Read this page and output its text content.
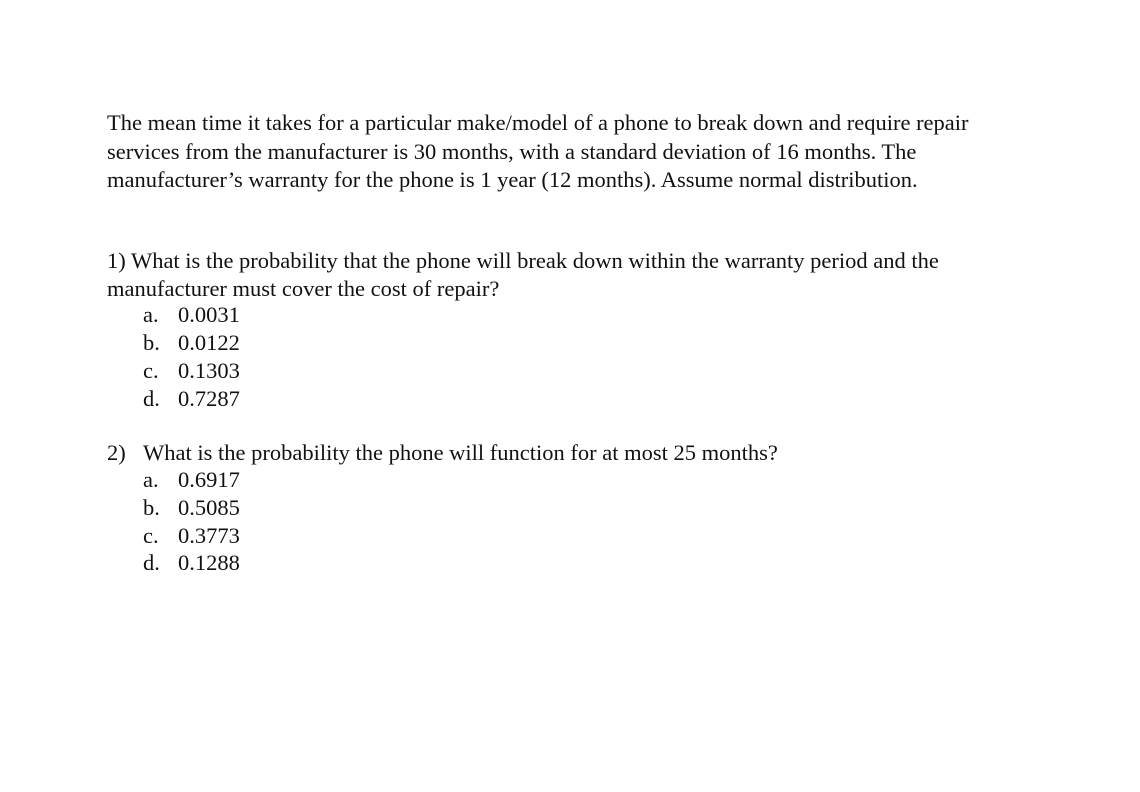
The mean time it takes for a particular make/model of a phone to break down and require repair
services from the manufacturer is 30 months, with a standard deviation of 16 months. The
manufacturer’s warranty for the phone is 1 year (12 months). Assume normal distribution.

1) What is the probability that the phone will break down within the warranty period and the
manufacturer must cover the cost of repair?

a. 0.0031
b. 0.0122
c. 0.1303
d. 0.7287

2) What is the probability the phone will function for at most 25 months?

a. 0.6917
b. 0.5085
c. 0.3773
d. 0.1288
